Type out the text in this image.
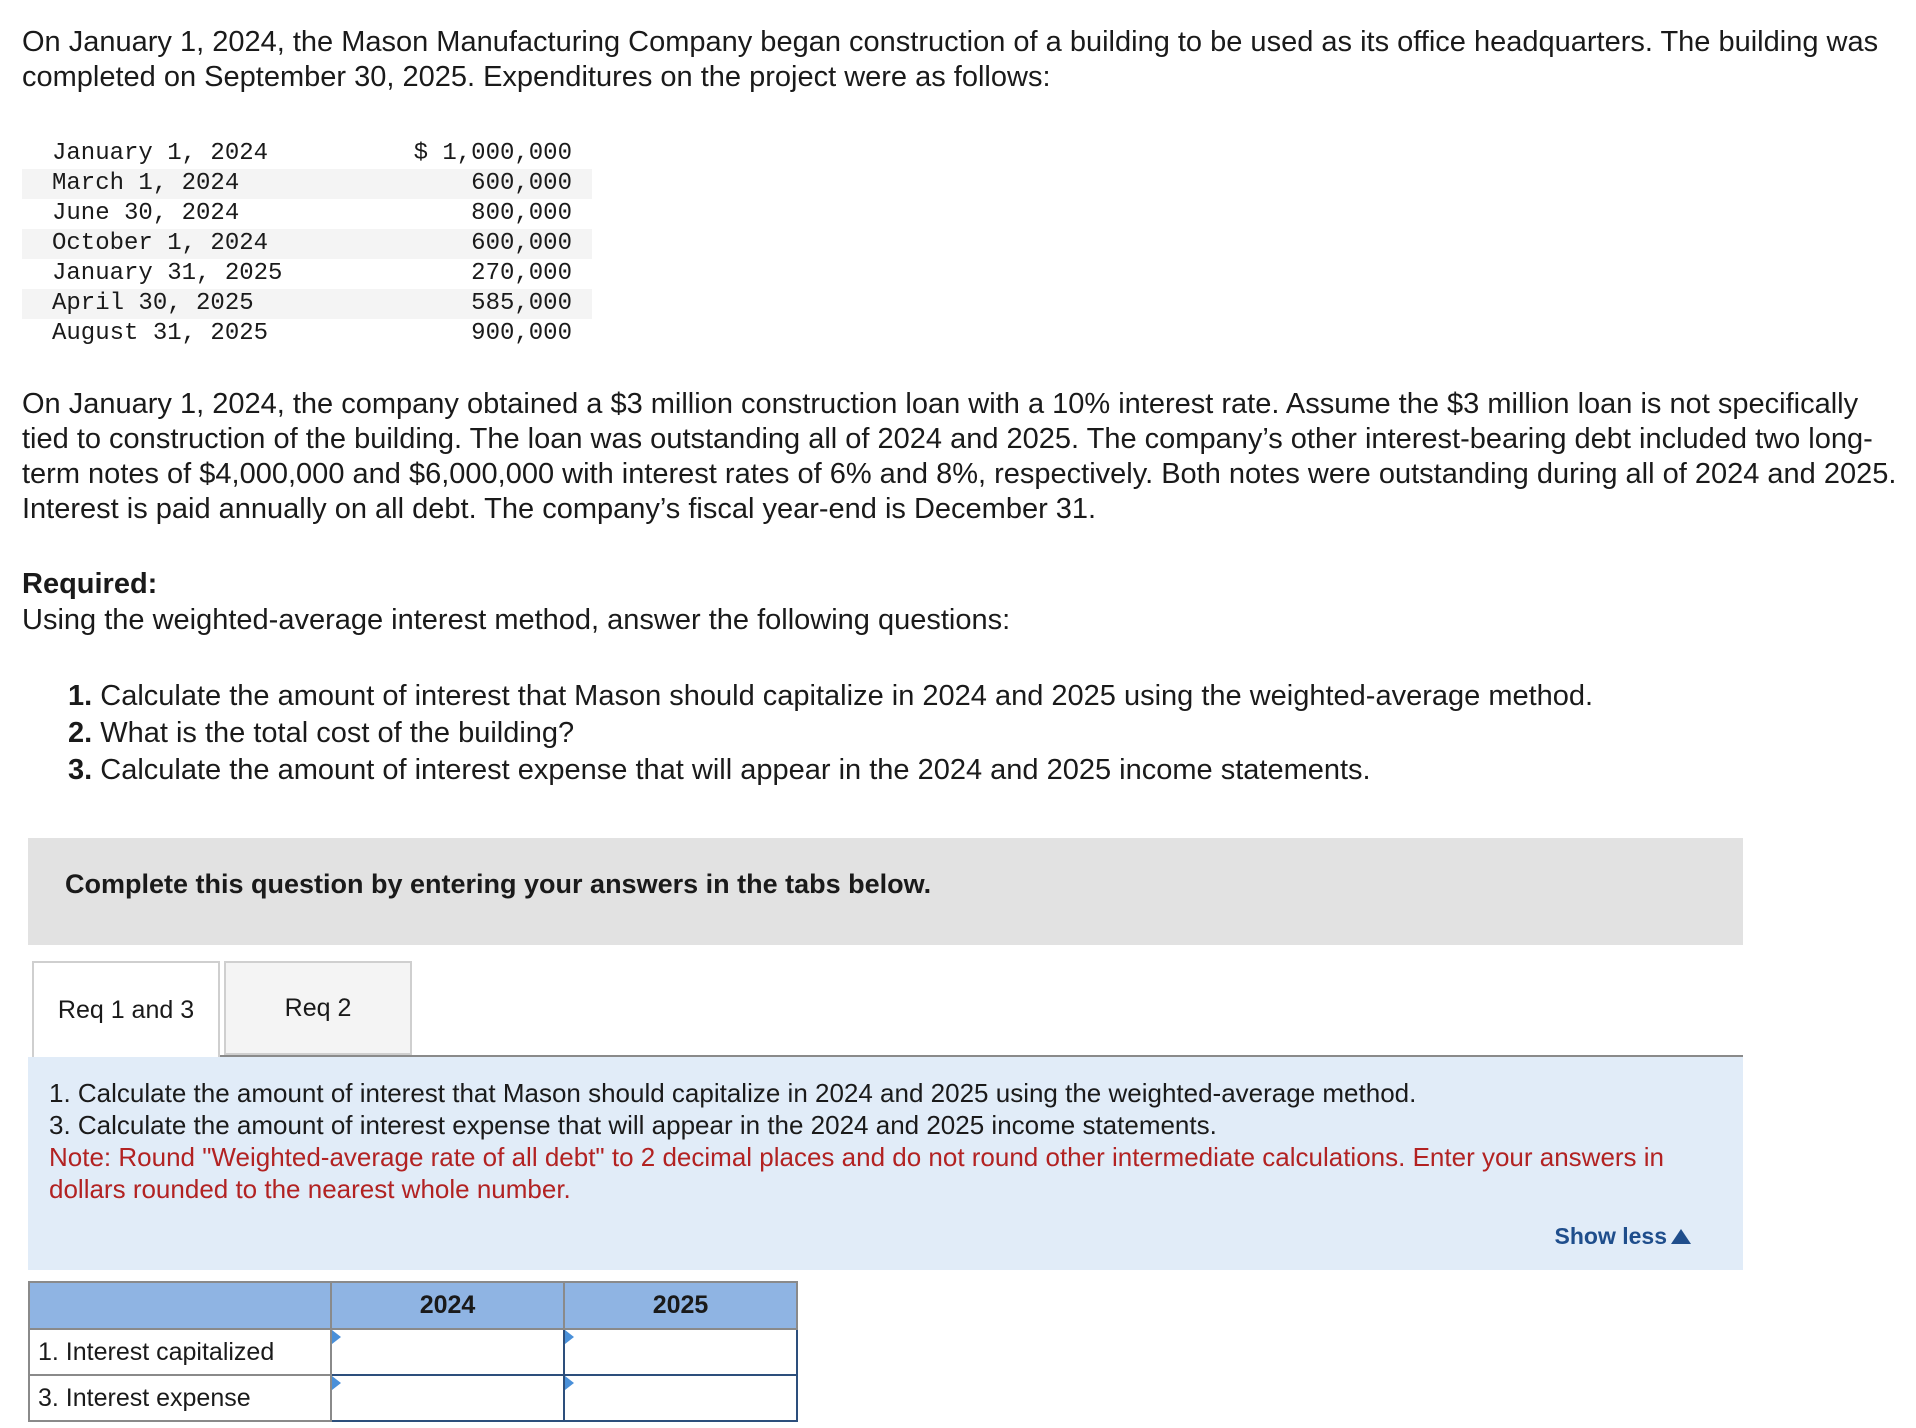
On January 1, 2024, the Mason Manufacturing Company began construction of a building to be used as its office headquarters. The building was completed on September 30, 2025. Expenditures on the project were as follows:

January 1, 2024	$ 1,000,000
March 1, 2024	600,000
June 30, 2024	800,000
October 1, 2024	600,000
January 31, 2025	270,000
April 30, 2025	585,000
August 31, 2025	900,000

On January 1, 2024, the company obtained a $3 million construction loan with a 10% interest rate. Assume the $3 million loan is not specifically tied to construction of the building. The loan was outstanding all of 2024 and 2025. The company’s other interest-bearing debt included two long-term notes of $4,000,000 and $6,000,000 with interest rates of 6% and 8%, respectively. Both notes were outstanding during all of 2024 and 2025. Interest is paid annually on all debt. The company’s fiscal year-end is December 31.

Required:

Using the weighted-average interest method, answer the following questions:

1. Calculate the amount of interest that Mason should capitalize in 2024 and 2025 using the weighted-average method.
2. What is the total cost of the building?
3. Calculate the amount of interest expense that will appear in the 2024 and 2025 income statements.

Complete this question by entering your answers in the tabs below.

Req 1 and 3	Req 2

1. Calculate the amount of interest that Mason should capitalize in 2024 and 2025 using the weighted-average method.

3. Calculate the amount of interest expense that will appear in the 2024 and 2025 income statements.

Note: Round "Weighted-average rate of all debt" to 2 decimal places and do not round other intermediate calculations. Enter your answers in dollars rounded to the nearest whole number.

Show less
	2024	2025
1. Interest capitalized	

3. Interest expense	
